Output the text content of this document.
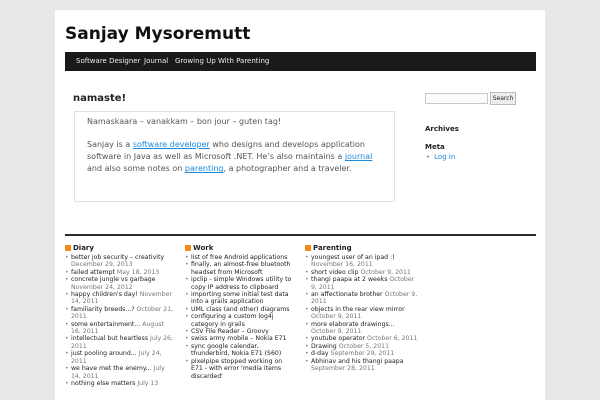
Sanjay Mysoremutt
Software Designer Journal Growing Up With Parenting
namaste!
Namaskaara – vanakkam – bon jour – guten tag!
Sanjay is a software developer who designs and develops application software in Java as well as Microsoft .NET. He’s also maintains a journal and also some notes on parenting, a photographer and a traveler.
Search
Archives
Meta
• Log in
Diary
• better job security – creativity December 29, 2013
• failed attempt May 18, 2013
• concrete jungle vs garbage November 24, 2012
• happy children's day! November 14, 2011
• familiarity breeds...? October 21, 2011
• some entertainment... August 16, 2011
• intellectual but heartless July 26, 2011
• just pooling around... July 24, 2011
• we have met the enemy... July 14, 2011
• nothing else matters July 13
Work
• list of free Android applications
• finally, an almost-free bluetooth headset from Microsoft
• ipclip - simple Windows utility to copy IP address to clipboard
• importing some initial test data into a grails application
• UML class (and other) diagrams
• configuring a custom log4j category in grails
• CSV File Reader – Groovy
• swiss army mobile – Nokia E71
• sync google calendar, thunderbird, Nokia E71 (S60)
• pixelpipe stopped working on E71 - with error 'media items discarded'
Parenting
• youngest user of an ipad :) November 16, 2011
• short video clip October 9, 2011
• thangi paapa at 2 weeks October 9, 2011
• an affectionate brother October 9, 2011
• objects in the rear view mirror October 9, 2011
• more elaborate drawings... October 9, 2011
• youtube operator October 6, 2011
• Drawing October 5, 2011
• d-day September 29, 2011
• Abhinav and his thangi paapa September 28, 2011
